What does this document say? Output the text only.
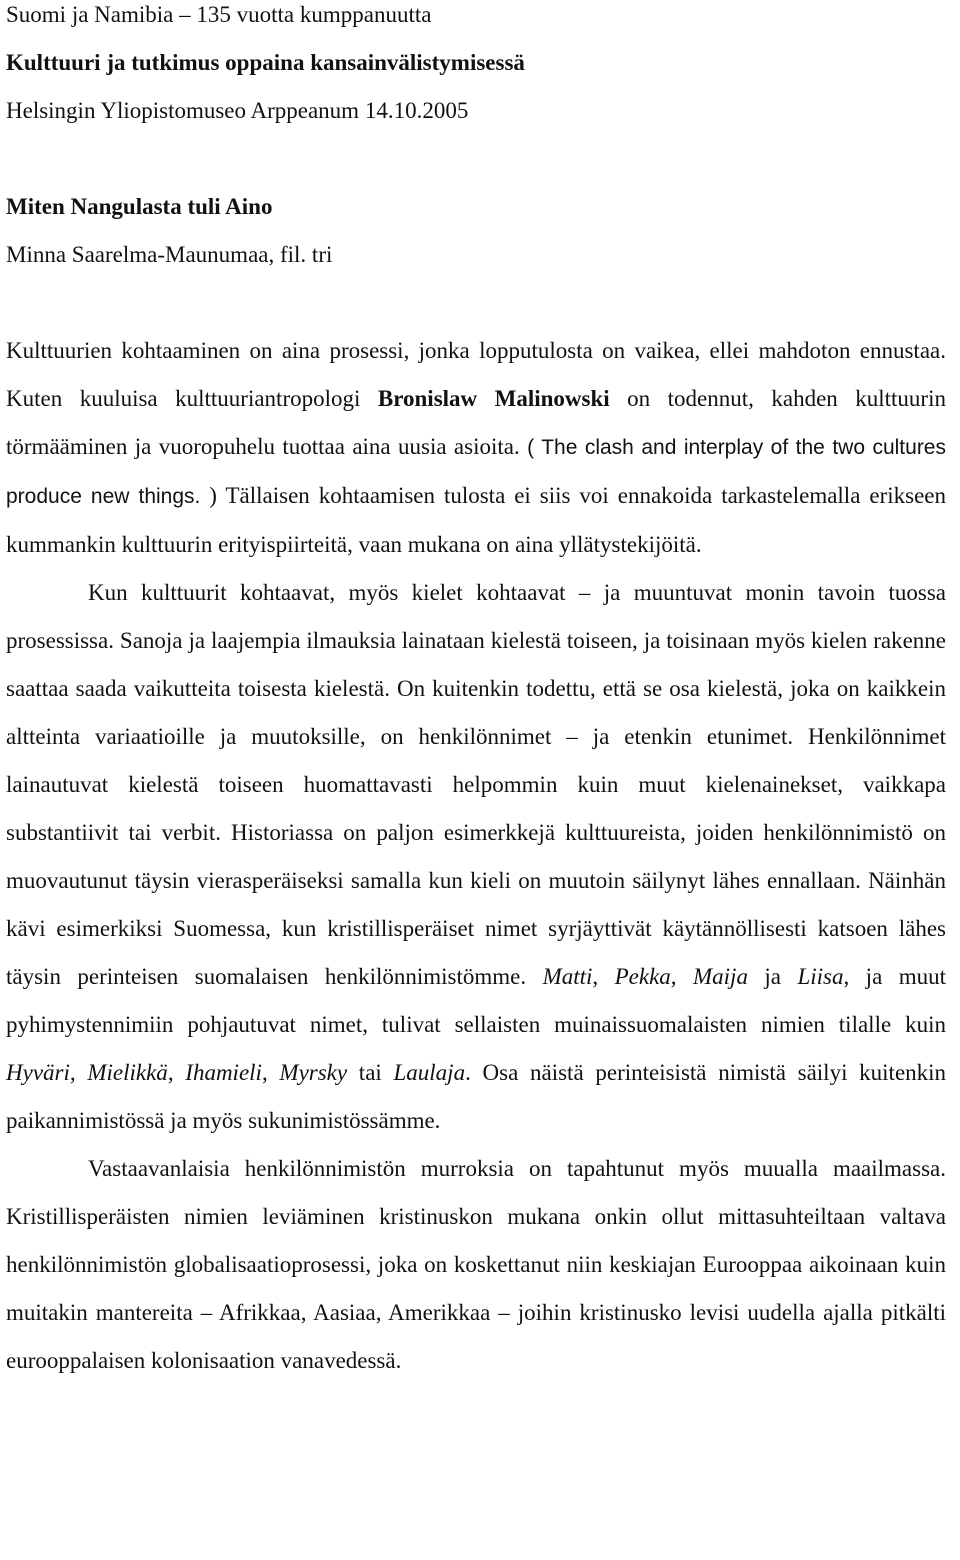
Suomi ja Namibia – 135 vuotta kumppanuutta

Kulttuuri ja tutkimus oppaina kansainvälistymisessä

Helsingin Yliopistomuseo Arppeanum 14.10.2005

Miten Nangulasta tuli Aino

Minna Saarelma-Maunumaa, fil. tri

Kulttuurien kohtaaminen on aina prosessi, jonka lopputulosta on vaikea, ellei mahdoton ennustaa. Kuten kuuluisa kulttuuriantropologi Bronislaw Malinowski on todennut, kahden kulttuurin törmääminen ja vuoropuhelu tuottaa aina uusia asioita. ( The clash and interplay of the two cultures produce new things. ) Tällaisen kohtaamisen tulosta ei siis voi ennakoida tarkastelemalla erikseen kummankin kulttuurin erityispiirteitä, vaan mukana on aina yllätystekijöitä.

Kun kulttuurit kohtaavat, myös kielet kohtaavat – ja muuntuvat monin tavoin tuossa prosessissa. Sanoja ja laajempia ilmauksia lainataan kielestä toiseen, ja toisinaan myös kielen rakenne saattaa saada vaikutteita toisesta kielestä. On kuitenkin todettu, että se osa kielestä, joka on kaikkein altteinta variaatioille ja muutoksille, on henkilönnimet – ja etenkin etunimet. Henkilönnimet lainautuvat kielestä toiseen huomattavasti helpommin kuin muut kielenainekset, vaikkapa substantiivit tai verbit. Historiassa on paljon esimerkkejä kulttuureista, joiden henkilönnimistö on muovautunut täysin vierasperäiseksi samalla kun kieli on muutoin säilynyt lähes ennallaan. Näinhän kävi esimerkiksi Suomessa, kun kristillisperäiset nimet syrjäyttivät käytännöllisesti katsoen lähes täysin perinteisen suomalaisen henkilönnimistömme. Matti, Pekka, Maija ja Liisa, ja muut pyhimystennimiin pohjautuvat nimet, tulivat sellaisten muinaissuomalaisten nimien tilalle kuin Hyväri, Mielikkä, Ihamieli, Myrsky tai Laulaja. Osa näistä perinteisistä nimistä säilyi kuitenkin paikannimistössä ja myös sukunimistössämme.

Vastaavanlaisia henkilönnimistön murroksia on tapahtunut myös muualla maailmassa. Kristillisperäisten nimien leviäminen kristinuskon mukana onkin ollut mittasuhteiltaan valtava henkilönnimistön globalisaatioprosessi, joka on koskettanut niin keskiajan Eurooppaa aikoinaan kuin muitakin mantereita – Afrikkaa, Aasiaa, Amerikkaa – joihin kristinusko levisi uudella ajalla pitkälti eurooppalaisen kolonisaation vanavedessä.
